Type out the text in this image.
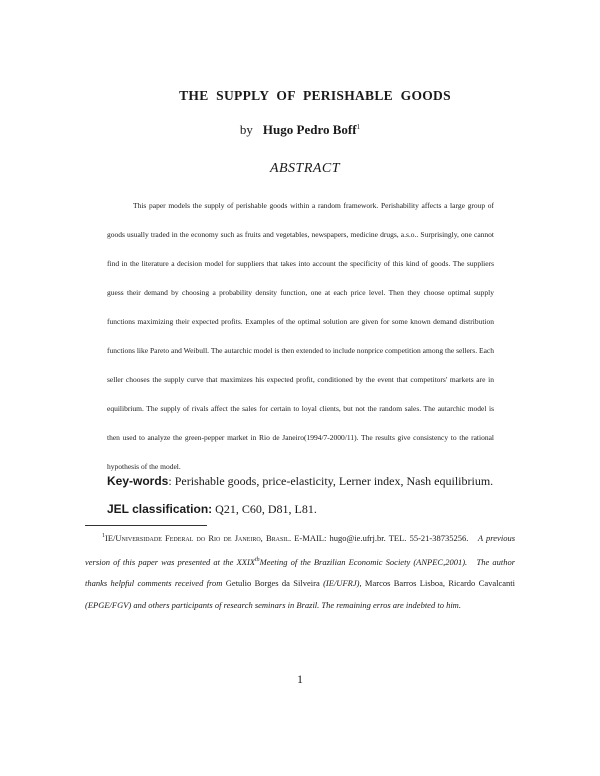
THE SUPPLY OF PERISHABLE GOODS
by Hugo Pedro Boff$^1$
ABSTRACT

This paper models the supply of perishable goods within a random framework. Perishability affects a large group of goods usually traded in the economy such as fruits and vegetables, newspapers, medicine drugs, a.s.o.. Surprisingly, one cannot find in the literature a decision model for suppliers that takes into account the specificity of this kind of goods. The suppliers guess their demand by choosing a probability density function, one at each price level. Then they choose optimal supply functions maximizing their expected profits. Examples of the optimal solution are given for some known demand distribution functions like Pareto and Weibull. The autarchic model is then extended to include nonprice competition among the sellers. Each seller chooses the supply curve that maximizes his expected profit, conditioned by the event that competitors' markets are in equilibrium. The supply of rivals affect the sales for certain to loyal clients, but not the random sales. The autarchic model is then used to analyze the green-pepper market in Rio de Janeiro(1994/7-2000/11). The results give consistency to the rational hypothesis of the model.

Key-words: Perishable goods, price-elasticity, Lerner index, Nash equilibrium.
JEL classification: Q21, C60, D81, L81.

$^1$IE/Universidade Federal do Rio de Janeiro, Brasil. E-MAIL: hugo@ie.ufrj.br. TEL. 55-21-38735256. A previous version of this paper was presented at the XXIXthMeeting of the Brazilian Economic Society (ANPEC,2001). The author thanks helpful comments received from Getulio Borges da Silveira (IE/UFRJ), Marcos Barros Lisboa, Ricardo Cavalcanti (EPGE/FGV) and others participants of research seminars in Brazil. The remaining erros are indebted to him.

1
